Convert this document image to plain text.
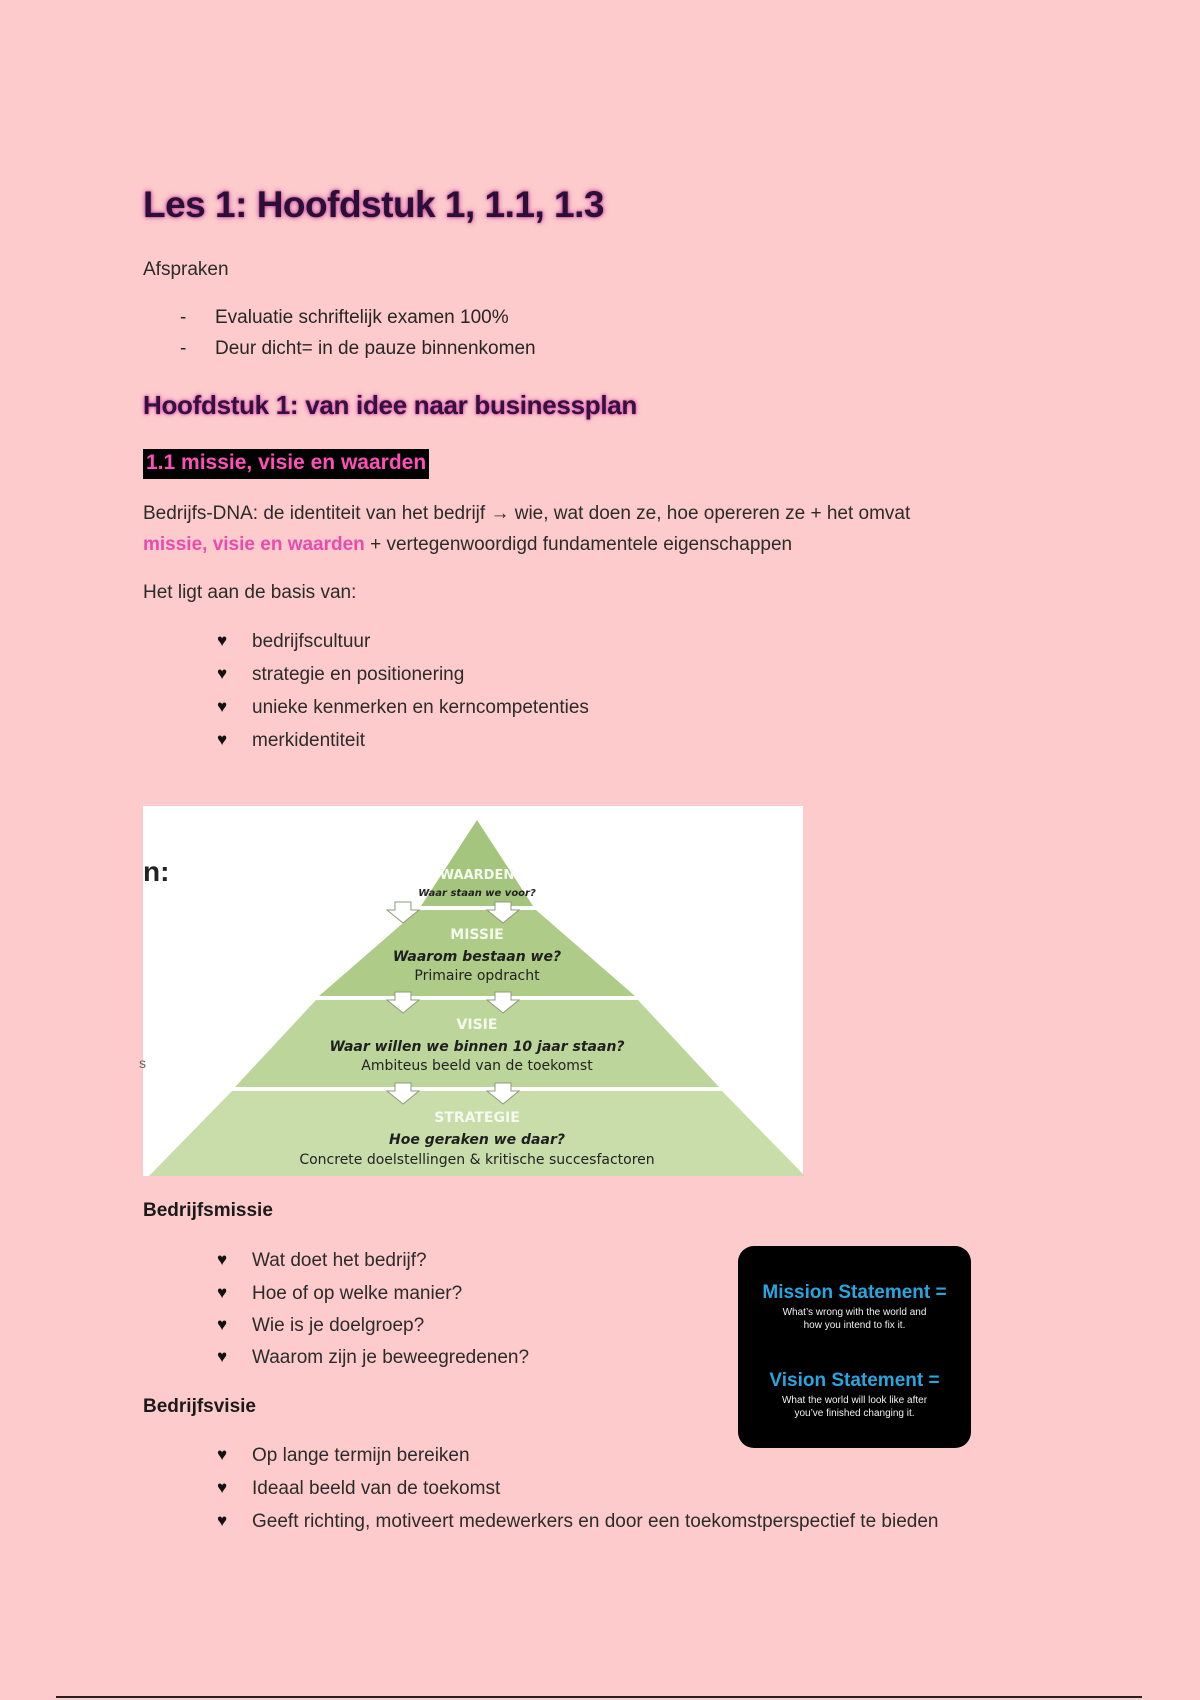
Les 1: Hoofdstuk 1, 1.1, 1.3
Afspraken
-	Evaluatie schriftelijk examen 100%
-	Deur dicht= in de pauze binnenkomen
Hoofdstuk 1: van idee naar businessplan
1.1 missie, visie en waarden
Bedrijfs-DNA: de identiteit van het bedrijf → wie, wat doen ze, hoe opereren ze + het omvat
missie, visie en waarden + vertegenwoordigd fundamentele eigenschappen
Het ligt aan de basis van:
♥ bedrijfscultuur
♥ strategie en positionering
♥ unieke kenmerken en kerncompetenties
♥ merkidentiteit
n:
s
WAARDEN
Waar staan we voor?
MISSIE
Waarom bestaan we?
Primaire opdracht
VISIE
Waar willen we binnen 10 jaar staan?
Ambiteus beeld van de toekomst
STRATEGIE
Hoe geraken we daar?
Concrete doelstellingen & kritische succesfactoren
Bedrijfsmissie
♥ Wat doet het bedrijf?
♥ Hoe of op welke manier?
♥ Wie is je doelgroep?
♥ Waarom zijn je beweegredenen?
Mission Statement =
What’s wrong with the world and
how you intend to fix it.
Vision Statement =
What the world will look like after
you’ve finished changing it.
Bedrijfsvisie
♥ Op lange termijn bereiken
♥ Ideaal beeld van de toekomst
♥ Geeft richting, motiveert medewerkers en door een toekomstperspectief te bieden
